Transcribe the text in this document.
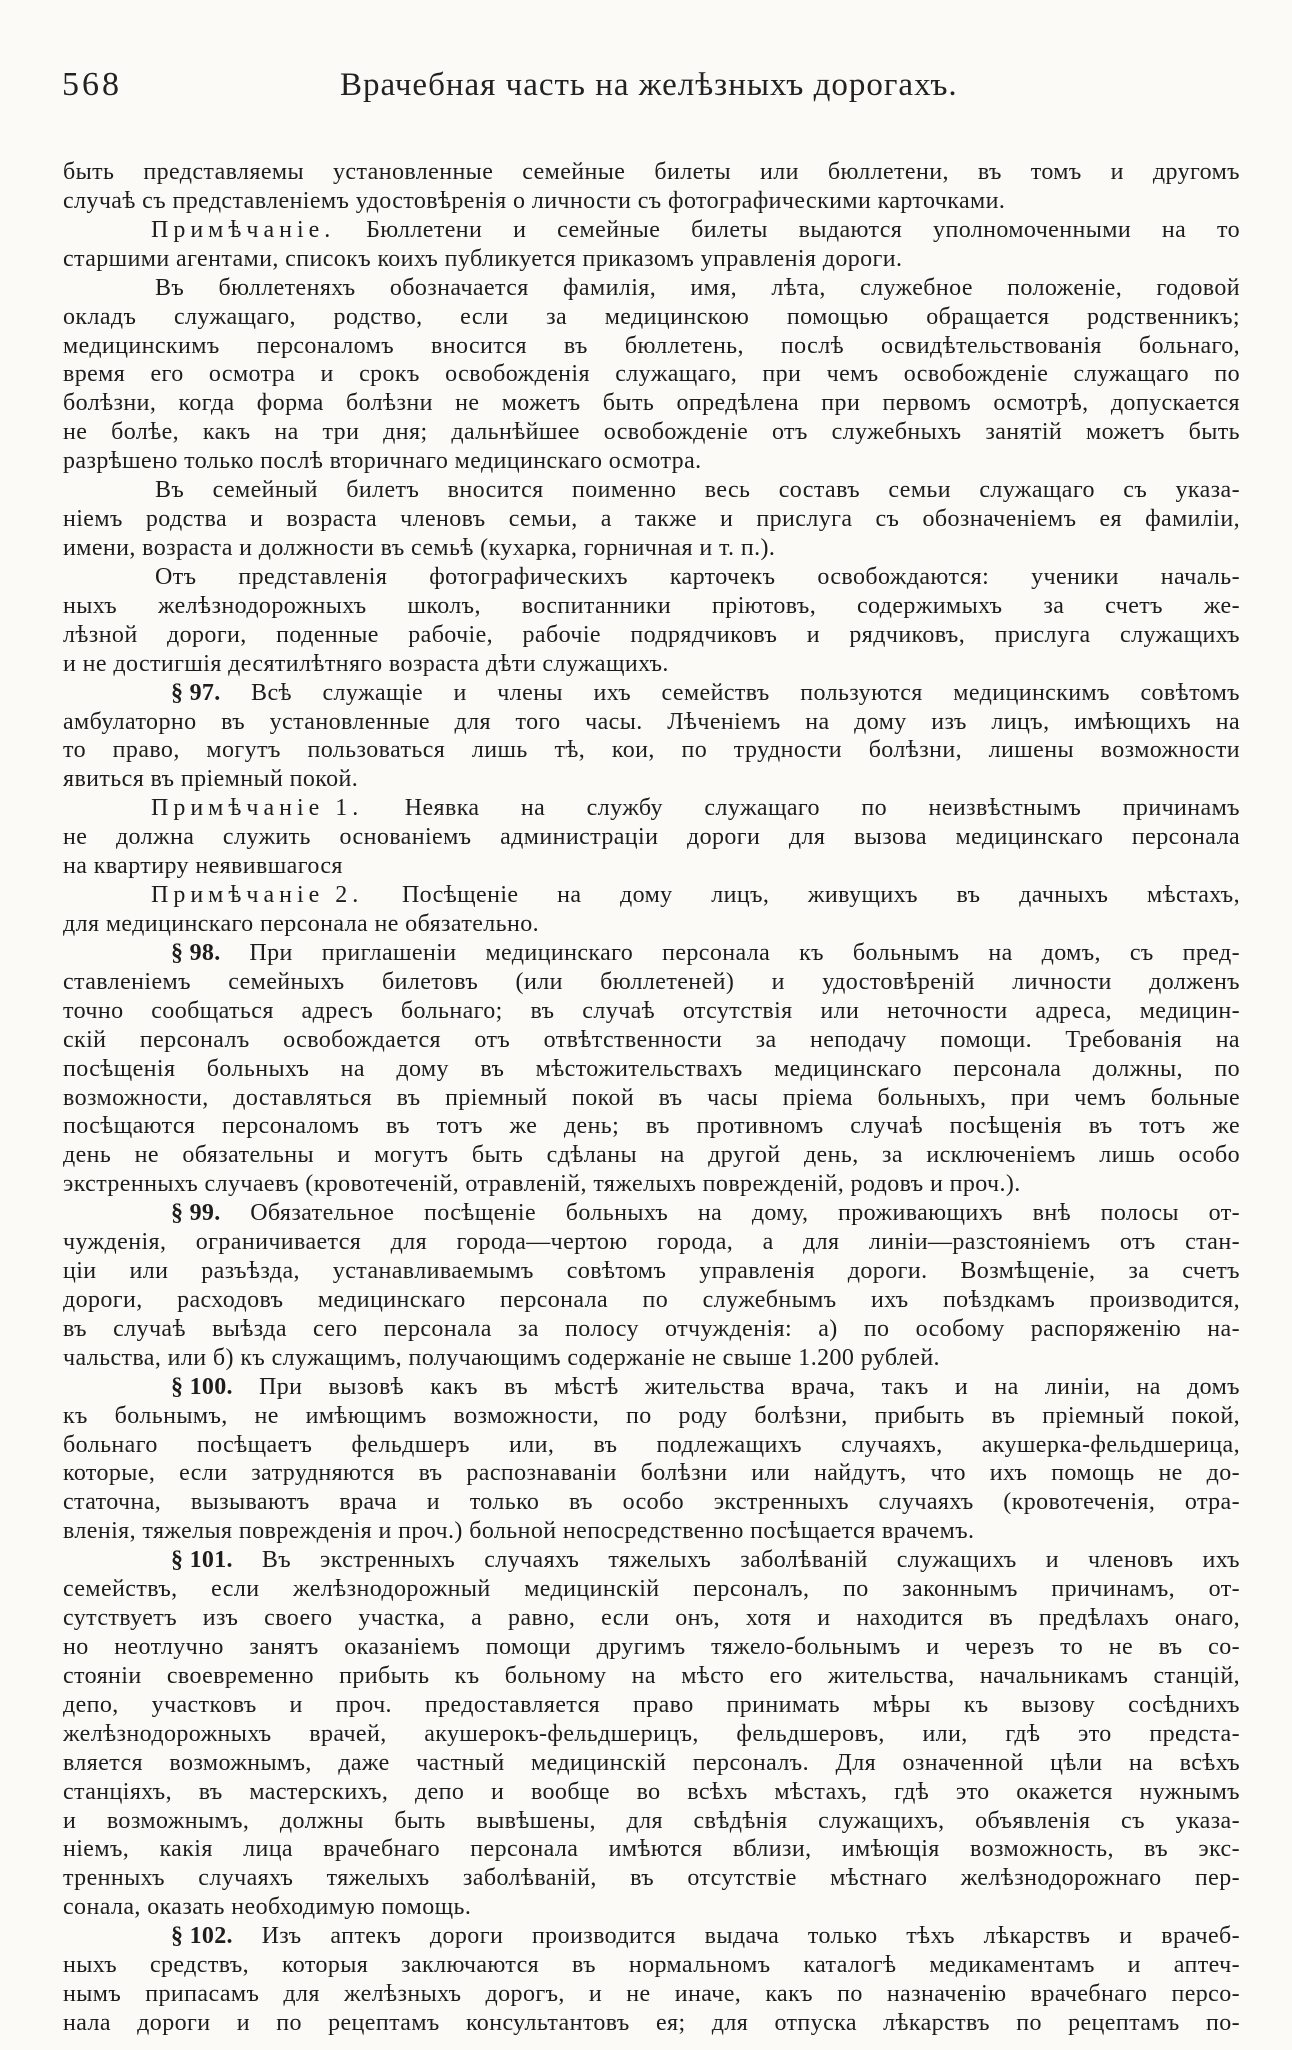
568	Врачебная часть на желѣзныхъ дорогахъ.
быть представляемы установленные семейные билеты или бюллетени, въ томъ и другомъ
случаѣ съ представленіемъ удостовѣренія о личности съ фотографическими карточками.
Примѣчаніе. Бюллетени и семейные билеты выдаются уполномоченными на то
старшими агентами, списокъ коихъ публикуется приказомъ управленія дороги.
Въ бюллетеняхъ обозначается фамилія, имя, лѣта, служебное положеніе, годовой
окладъ служащаго, родство, если за медицинскою помощью обращается родственникъ;
медицинскимъ персоналомъ вносится въ бюллетень, послѣ освидѣтельствованія больнаго,
время его осмотра и срокъ освобожденія служащаго, при чемъ освобожденіе служащаго по
болѣзни, когда форма болѣзни не можетъ быть опредѣлена при первомъ осмотрѣ, допускается
не болѣе, какъ на три дня; дальнѣйшее освобожденіе отъ служебныхъ занятій можетъ быть
разрѣшено только послѣ вторичнаго медицинскаго осмотра.
Въ семейный билетъ вносится поименно весь составъ семьи служащаго съ указа-
ніемъ родства и возраста членовъ семьи, а также и прислуга съ обозначеніемъ ея фамиліи,
имени, возраста и должности въ семьѣ (кухарка, горничная и т. п.).
Отъ представленія фотографическихъ карточекъ освобождаются: ученики началь-
ныхъ желѣзнодорожныхъ школъ, воспитанники пріютовъ, содержимыхъ за счетъ же-
лѣзной дороги, поденные рабочіе, рабочіе подрядчиковъ и рядчиковъ, прислуга служащихъ
и не достигшія десятилѣтняго возраста дѣти служащихъ.
§ 97. Всѣ служащіе и члены ихъ семействъ пользуются медицинскимъ совѣтомъ
амбулаторно въ установленные для того часы. Лѣченіемъ на дому изъ лицъ, имѣющихъ на
то право, могутъ пользоваться лишь тѣ, кои, по трудности болѣзни, лишены возможности
явиться въ пріемный покой.
Примѣчаніе 1. Неявка на службу служащаго по неизвѣстнымъ причинамъ
не должна служить основаніемъ администраціи дороги для вызова медицинскаго персонала
на квартиру неявившагося
Примѣчаніе 2. Посѣщеніе на дому лицъ, живущихъ въ дачныхъ мѣстахъ,
для медицинскаго персонала не обязательно.
§ 98. При приглашеніи медицинскаго персонала къ больнымъ на домъ, съ пред-
ставленіемъ семейныхъ билетовъ (или бюллетеней) и удостовѣреній личности долженъ
точно сообщаться адресъ больнаго; въ случаѣ отсутствія или неточности адреса, медицин-
скій персоналъ освобождается отъ отвѣтственности за неподачу помощи. Требованія на
посѣщенія больныхъ на дому въ мѣстожительствахъ медицинскаго персонала должны, по
возможности, доставляться въ пріемный покой въ часы пріема больныхъ, при чемъ больные
посѣщаются персоналомъ въ тотъ же день; въ противномъ случаѣ посѣщенія въ тотъ же
день не обязательны и могутъ быть сдѣланы на другой день, за исключеніемъ лишь особо
экстренныхъ случаевъ (кровотеченій, отравленій, тяжелыхъ поврежденій, родовъ и проч.).
§ 99. Обязательное посѣщеніе больныхъ на дому, проживающихъ внѣ полосы от-
чужденія, ограничивается для города—чертою города, а для линіи—разстояніемъ отъ стан-
ціи или разъѣзда, устанавливаемымъ совѣтомъ управленія дороги. Возмѣщеніе, за счетъ
дороги, расходовъ медицинскаго персонала по служебнымъ ихъ поѣздкамъ производится,
въ случаѣ выѣзда сего персонала за полосу отчужденія: а) по особому распоряженію на-
чальства, или б) къ служащимъ, получающимъ содержаніе не свыше 1.200 рублей.
§ 100. При вызовѣ какъ въ мѣстѣ жительства врача, такъ и на линіи, на домъ
къ больнымъ, не имѣющимъ возможности, по роду болѣзни, прибыть въ пріемный покой,
больнаго посѣщаетъ фельдшеръ или, въ подлежащихъ случаяхъ, акушерка-фельдшерица,
которые, если затрудняются въ распознаваніи болѣзни или найдутъ, что ихъ помощь не до-
статочна, вызываютъ врача и только въ особо экстренныхъ случаяхъ (кровотеченія, отра-
вленія, тяжелыя поврежденія и проч.) больной непосредственно посѣщается врачемъ.
§ 101. Въ экстренныхъ случаяхъ тяжелыхъ заболѣваній служащихъ и членовъ ихъ
семействъ, если желѣзнодорожный медицинскій персоналъ, по законнымъ причинамъ, от-
сутствуетъ изъ своего участка, а равно, если онъ, хотя и находится въ предѣлахъ онаго,
но неотлучно занятъ оказаніемъ помощи другимъ тяжело-больнымъ и черезъ то не въ со-
стояніи своевременно прибыть къ больному на мѣсто его жительства, начальникамъ станцій,
депо, участковъ и проч. предоставляется право принимать мѣры къ вызову сосѣднихъ
желѣзнодорожныхъ врачей, акушерокъ-фельдшерицъ, фельдшеровъ, или, гдѣ это предста-
вляется возможнымъ, даже частный медицинскій персоналъ. Для означенной цѣли на всѣхъ
станціяхъ, въ мастерскихъ, депо и вообще во всѣхъ мѣстахъ, гдѣ это окажется нужнымъ
и возможнымъ, должны быть вывѣшены, для свѣдѣнія служащихъ, объявленія съ указа-
ніемъ, какія лица врачебнаго персонала имѣются вблизи, имѣющія возможность, въ экс-
тренныхъ случаяхъ тяжелыхъ заболѣваній, въ отсутствіе мѣстнаго желѣзнодорожнаго пер-
сонала, оказать необходимую помощь.
§ 102. Изъ аптекъ дороги производится выдача только тѣхъ лѣкарствъ и врачеб-
ныхъ средствъ, которыя заключаются въ нормальномъ каталогѣ медикаментамъ и аптеч-
нымъ припасамъ для желѣзныхъ дорогъ, и не иначе, какъ по назначенію врачебнаго персо-
нала дороги и по рецептамъ консультантовъ ея; для отпуска лѣкарствъ по рецептамъ по-
